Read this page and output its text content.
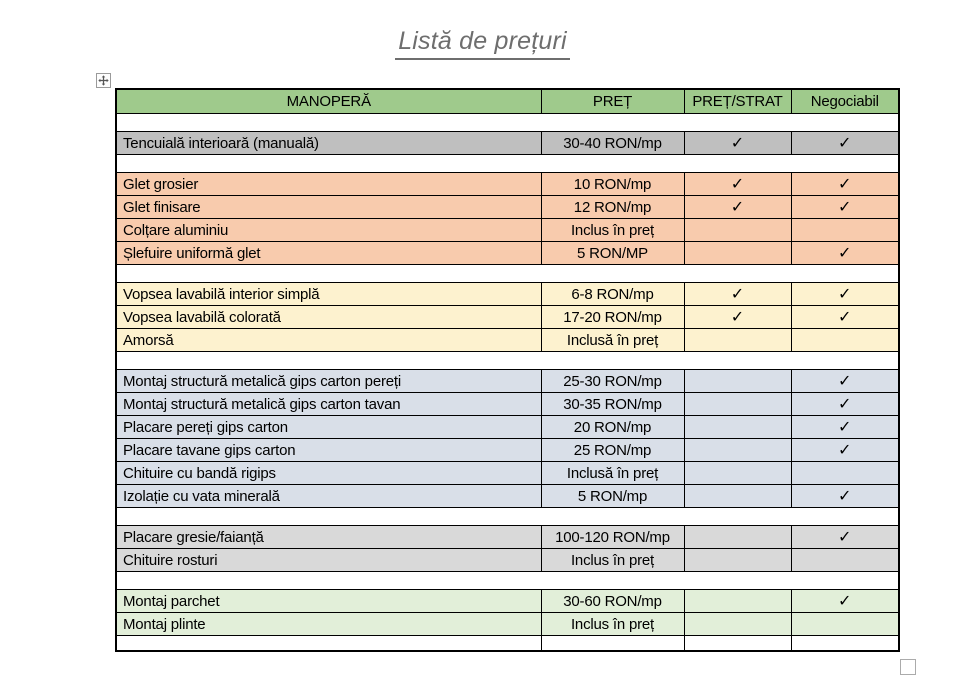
Listă de prețuri
MANOPERĂ	PREȚ	PREȚ/STRAT	Negociabil

Tencuială interioară (manuală)	30-40 RON/mp	✓	✓

Glet grosier	10 RON/mp	✓	✓
Glet finisare	12 RON/mp	✓	✓
Colțare aluminiu	Inclus în preț		
Șlefuire uniformă glet	5 RON/MP		✓

Vopsea lavabilă interior simplă	6-8 RON/mp	✓	✓
Vopsea lavabilă colorată	17-20 RON/mp	✓	✓
Amorsă	Inclusă în preț		

Montaj structură metalică gips carton pereți	25-30 RON/mp		✓
Montaj structură metalică gips carton tavan	30-35 RON/mp		✓
Placare pereți gips carton	20 RON/mp		✓
Placare tavane gips carton	25 RON/mp		✓
Chituire cu bandă rigips	Inclusă în preț		
Izolație cu vata minerală	5 RON/mp		✓

Placare gresie/faianță	100-120 RON/mp		✓
Chituire rosturi	Inclus în preț		

Montaj parchet	30-60 RON/mp		✓
Montaj plinte	Inclus în preț		
